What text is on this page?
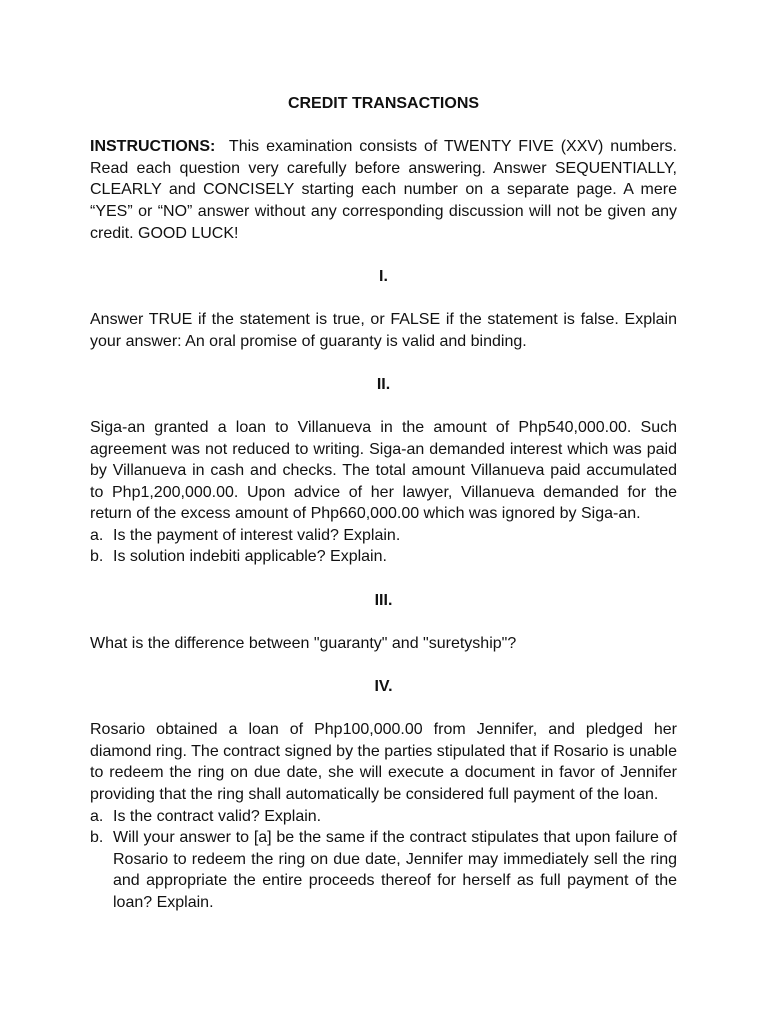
CREDIT TRANSACTIONS

INSTRUCTIONS: This examination consists of TWENTY FIVE (XXV) numbers. Read each question very carefully before answering. Answer SEQUENTIALLY, CLEARLY and CONCISELY starting each number on a separate page. A mere “YES” or “NO” answer without any corresponding discussion will not be given any credit. GOOD LUCK!

I.

Answer TRUE if the statement is true, or FALSE if the statement is false. Explain your answer: An oral promise of guaranty is valid and binding.

II.

Siga-an granted a loan to Villanueva in the amount of Php540,000.00. Such agreement was not reduced to writing. Siga-an demanded interest which was paid by Villanueva in cash and checks. The total amount Villanueva paid accumulated to Php1,200,000.00. Upon advice of her lawyer, Villanueva demanded for the return of the excess amount of Php660,000.00 which was ignored by Siga-an.

a. Is the payment of interest valid? Explain.
b. Is solution indebiti applicable? Explain.

III.

What is the difference between "guaranty" and "suretyship"?

IV.

Rosario obtained a loan of Php100,000.00 from Jennifer, and pledged her diamond ring. The contract signed by the parties stipulated that if Rosario is unable to redeem the ring on due date, she will execute a document in favor of Jennifer providing that the ring shall automatically be considered full payment of the loan.

a. Is the contract valid? Explain.
b. Will your answer to [a] be the same if the contract stipulates that upon failure of Rosario to redeem the ring on due date, Jennifer may immediately sell the ring and appropriate the entire proceeds thereof for herself as full payment of the loan? Explain.
